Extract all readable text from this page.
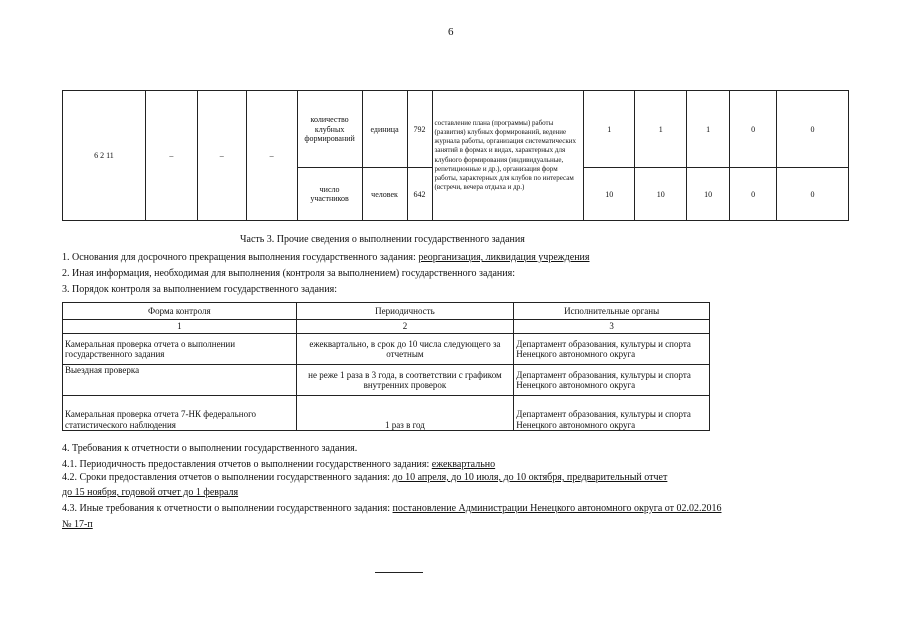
6
6 2 11	–	–	–	количество клубных формирований	единица	792	составление плана (программы) работы (развития) клубных формирований, ведение журнала работы, организация систематических занятий в формах и видах, характерных для клубного формирования (индивидуальные, репетиционные и др.), организация форм работы, характерных для клубов по интересам (встречи, вечера отдыха и др.)	1	1	1	0	0
				число участников	человек	642		10	10	10	0	0
Часть 3. Прочие сведения о выполнении государственного задания
1. Основания для досрочного прекращения выполнения государственного задания: реорганизация, ликвидация учреждения
2. Иная информация, необходимая для выполнения (контроля за выполнением) государственного задания:
3. Порядок контроля за выполнением государственного задания:
Форма контроля	Периодичность	Исполнительные органы
1	2	3
Камеральная проверка отчета о выполнении государственного задания	ежеквартально, в срок до 10 числа следующего за отчетным	Департамент образования, культуры и спорта Ненецкого автономного округа
Выездная проверка	не реже 1 раза в 3 года, в соответствии с графиком внутренних проверок	Департамент образования, культуры и спорта Ненецкого автономного округа
Камеральная проверка отчета 7-НК федерального статистического наблюдения	1 раз в год	Департамент образования, культуры и спорта Ненецкого автономного округа
4. Требования к отчетности о выполнении государственного задания.
4.1. Периодичность предоставления отчетов о выполнении государственного задания: ежеквартально
4.2. Сроки предоставления отчетов о выполнении государственного задания: до 10 апреля, до 10 июля, до 10 октября, предварительный отчет
до 15 ноября, годовой отчет до 1 февраля
4.3. Иные требования к отчетности о выполнении государственного задания: постановление Администрации Ненецкого автономного округа от 02.02.2016
№ 17-п
